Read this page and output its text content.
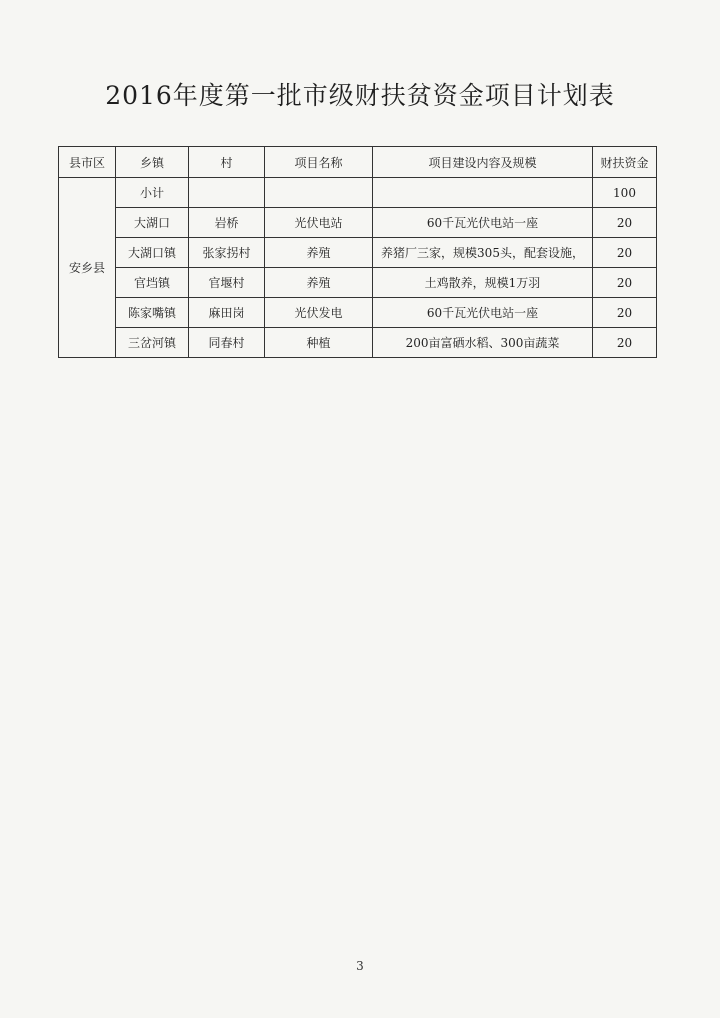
2016年度第一批市级财扶贫资金项目计划表
县市区	乡镇	村	项目名称	项目建设内容及规模	财扶资金
安乡县	小计				100
	大湖口	岩桥	光伏电站	60千瓦光伏电站一座	20
	大湖口镇	张家拐村	养殖	养猪厂三家，规模305头，配套设施，	20
	官垱镇	官堰村	养殖	土鸡散养，规模1万羽	20
	陈家嘴镇	麻田岗	光伏发电	60千瓦光伏电站一座	20
	三岔河镇	同春村	种植	200亩富硒水稻、300亩蔬菜	20
3
